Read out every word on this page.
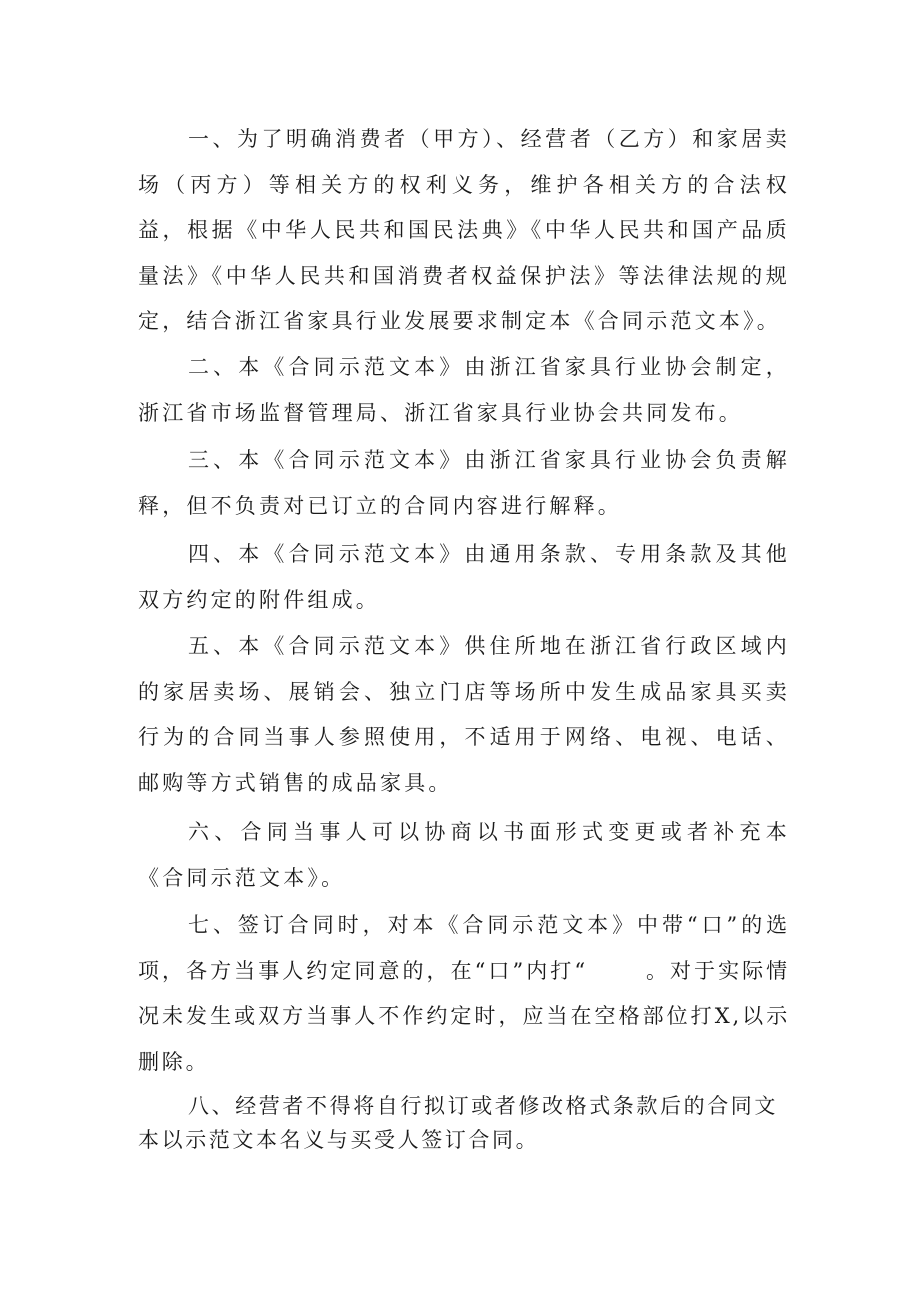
一、为了明确消费者（甲方）、经营者（乙方）和家居卖场（丙方）等相关方的权利义务，维护各相关方的合法权益，根据《中华人民共和国民法典》《中华人民共和国产品质量法》《中华人民共和国消费者权益保护法》等法律法规的规定，结合浙江省家具行业发展要求制定本《合同示范文本》。

二、本《合同示范文本》由浙江省家具行业协会制定，浙江省市场监督管理局、浙江省家具行业协会共同发布。

三、本《合同示范文本》由浙江省家具行业协会负责解释，但不负责对已订立的合同内容进行解释。

四、本《合同示范文本》由通用条款、专用条款及其他双方约定的附件组成。

五、本《合同示范文本》供住所地在浙江省行政区域内的家居卖场、展销会、独立门店等场所中发生成品家具买卖行为的合同当事人参照使用，不适用于网络、电视、电话、邮购等方式销售的成品家具。

六、合同当事人可以协商以书面形式变更或者补充本《合同示范文本》。

七、签订合同时，对本《合同示范文本》中带“口”的选项，各方当事人约定同意的，在“口”内打“　　 。对于实际情况未发生或双方当事人不作约定时，应当在空格部位打X,以示删除。

八、经营者不得将自行拟订或者修改格式条款后的合同文本以示范文本名义与买受人签订合同。
